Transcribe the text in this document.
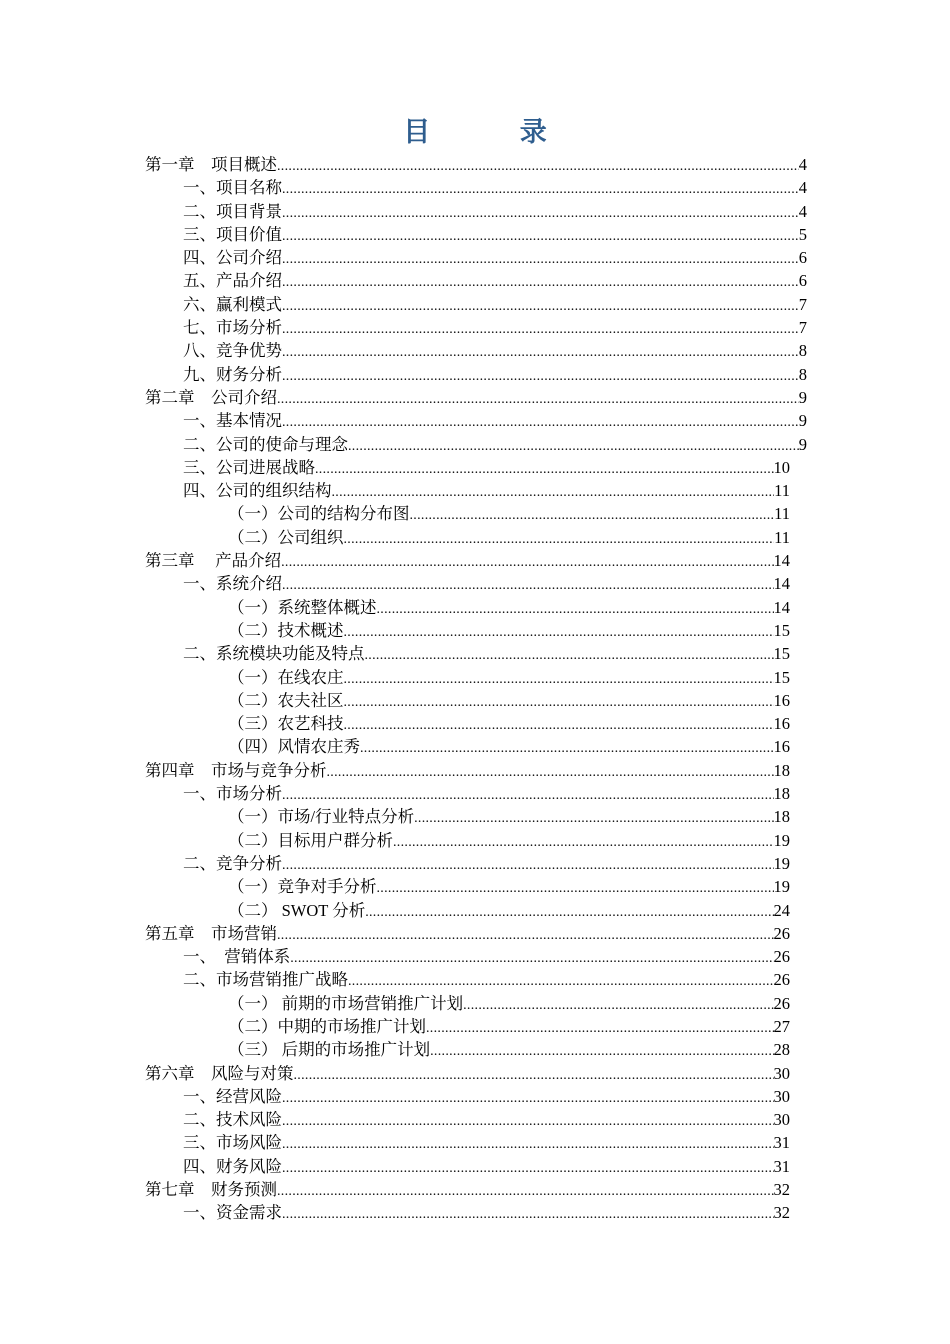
目 录
第一章　项目概述 .....	4
一、项目名称 .....	4
二、项目背景 .....	4
三、项目价值 .....	5
四、公司介绍 .....	6
五、产品介绍 .....	6
六、赢利模式 .....	7
七、市场分析 .....	7
八、竞争优势 .....	8
九、财务分析 .....	8
第二章　公司介绍 .....	9
一、基本情况 .....	9
二、公司的使命与理念 .....	9
三、公司进展战略 .....	10
四、公司的组织结构 .....	11
（一）公司的结构分布图 .....	11
（二）公司组织 .....	11
第三章　 产品介绍 .....	14
一、系统介绍 .....	14
（一）系统整体概述 .....	14
（二）技术概述 .....	15
二、系统模块功能及特点 .....	15
（一）在线农庄 .....	15
（二）农夫社区 .....	16
（三）农艺科技 .....	16
（四）风情农庄秀 .....	16
第四章　市场与竞争分析 .....	18
一、市场分析 .....	18
（一）市场/行业特点分析 .....	18
（二）目标用户群分析 .....	19
二、竞争分析 .....	19
（一）竞争对手分析 .....	19
（二） SWOT 分析 .....	24
第五章　市场营销 .....	26
一、　营销体系 .....	26
二、市场营销推广战略 .....	26
（一） 前期的市场营销推广计划 .....	26
（二）中期的市场推广计划 .....	27
（三） 后期的市场推广计划 .....	28
第六章　风险与对策 .....	30
一、经营风险 .....	30
二、技术风险 .....	30
三、市场风险 .....	31
四、财务风险 .....	31
第七章　财务预测 .....	32
一、资金需求 .....	32
